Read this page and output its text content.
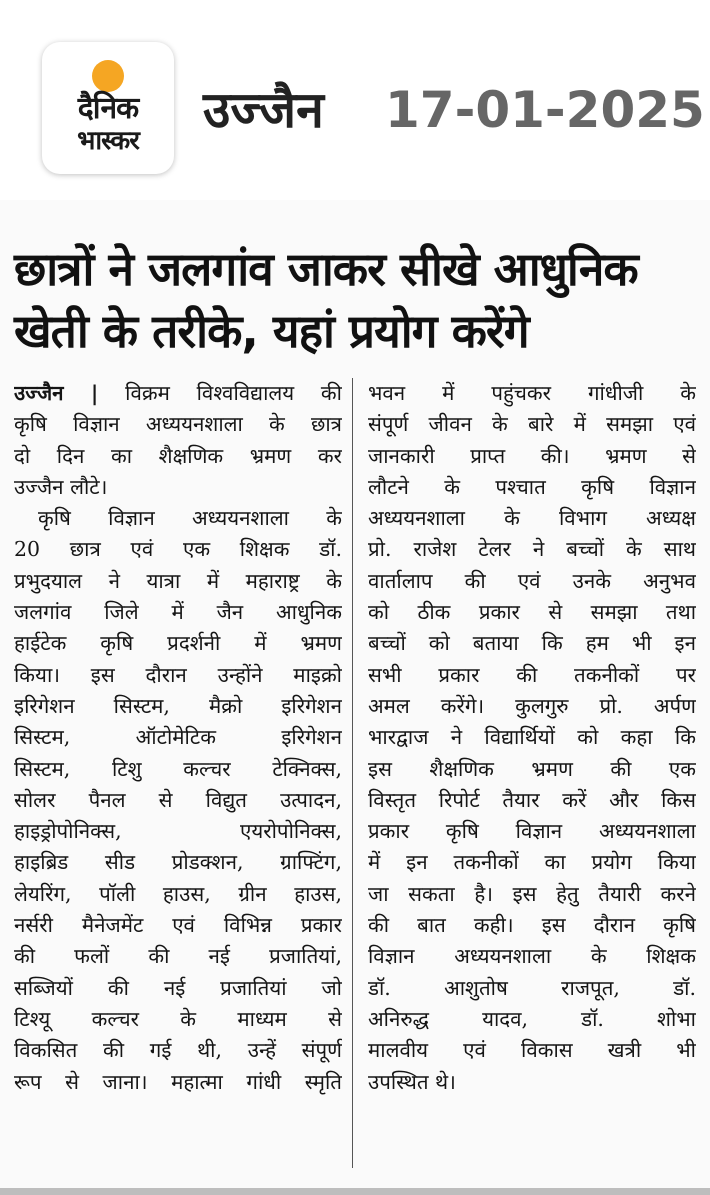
दैनिक
भास्कर
उज्जैन 17-01-2025
छात्रों ने जलगांव जाकर सीखे आधुनिक
खेती के तरीके, यहां प्रयोग करेंगे
उज्जैन | विक्रम विश्वविद्यालय की
कृषि विज्ञान अध्ययनशाला के छात्र
दो दिन का शैक्षणिक भ्रमण कर
उज्जैन लौटे।
कृषि विज्ञान अध्ययनशाला के
20 छात्र एवं एक शिक्षक डॉ.
प्रभुदयाल ने यात्रा में महाराष्ट्र के
जलगांव जिले में जैन आधुनिक
हाईटेक कृषि प्रदर्शनी में भ्रमण
किया। इस दौरान उन्होंने माइक्रो
इरिगेशन सिस्टम, मैक्रो इरिगेशन
सिस्टम, ऑटोमेटिक इरिगेशन
सिस्टम, टिशु कल्चर टेक्निक्स,
सोलर पैनल से विद्युत उत्पादन,
हाइड्रोपोनिक्स, एयरोपोनिक्स,
हाइब्रिड सीड प्रोडक्शन, ग्राफ्टिंग,
लेयरिंग, पॉली हाउस, ग्रीन हाउस,
नर्सरी मैनेजमेंट एवं विभिन्न प्रकार
की फलों की नई प्रजातियां,
सब्जियों की नई प्रजातियां जो
टिश्यू कल्चर के माध्यम से
विकसित की गई थी, उन्हें संपूर्ण
रूप से जाना। महात्मा गांधी स्मृति
भवन में पहुंचकर गांधीजी के
संपूर्ण जीवन के बारे में समझा एवं
जानकारी प्राप्त की। भ्रमण से
लौटने के पश्चात कृषि विज्ञान
अध्ययनशाला के विभाग अध्यक्ष
प्रो. राजेश टेलर ने बच्चों के साथ
वार्तालाप की एवं उनके अनुभव
को ठीक प्रकार से समझा तथा
बच्चों को बताया कि हम भी इन
सभी प्रकार की तकनीकों पर
अमल करेंगे। कुलगुरु प्रो. अर्पण
भारद्वाज ने विद्यार्थियों को कहा कि
इस शैक्षणिक भ्रमण की एक
विस्तृत रिपोर्ट तैयार करें और किस
प्रकार कृषि विज्ञान अध्ययनशाला
में इन तकनीकों का प्रयोग किया
जा सकता है। इस हेतु तैयारी करने
की बात कही। इस दौरान कृषि
विज्ञान अध्ययनशाला के शिक्षक
डॉ. आशुतोष राजपूत, डॉ.
अनिरुद्ध यादव, डॉ. शोभा
मालवीय एवं विकास खत्री भी
उपस्थित थे।
